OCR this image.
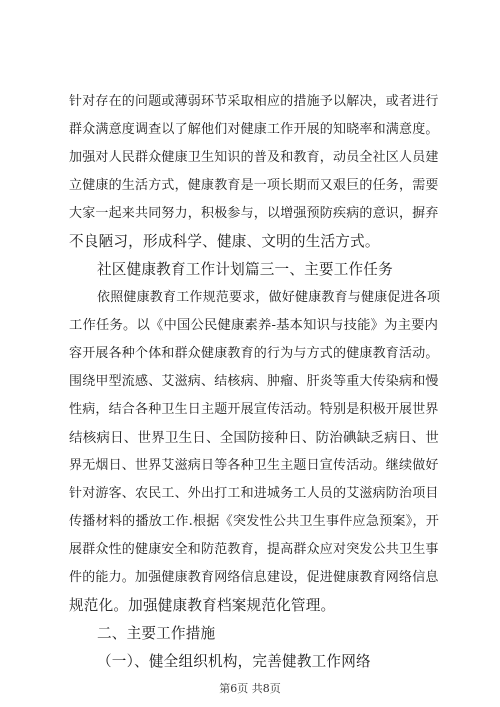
针对存在的问题或薄弱环节采取相应的措施予以解决，或者进行
群众满意度调查以了解他们对健康工作开展的知晓率和满意度。
加强对人民群众健康卫生知识的普及和教育，动员全社区人员建
立健康的生活方式，健康教育是一项长期而又艰巨的任务，需要
大家一起来共同努力，积极参与，以增强预防疾病的意识，摒弃
不良陋习，形成科学、健康、文明的生活方式。
社区健康教育工作计划篇三一、主要工作任务
依照健康教育工作规范要求，做好健康教育与健康促进各项
工作任务。以《中国公民健康素养-基本知识与技能》为主要内
容开展各种个体和群众健康教育的行为与方式的健康教育活动。
围绕甲型流感、艾滋病、结核病、肿瘤、肝炎等重大传染病和慢
性病，结合各种卫生日主题开展宣传活动。特别是积极开展世界
结核病日、世界卫生日、全国防接种日、防治碘缺乏病日、世
界无烟日、世界艾滋病日等各种卫生主题日宣传活动。继续做好
针对游客、农民工、外出打工和进城务工人员的艾滋病防治项目
传播材料的播放工作.根据《突发性公共卫生事件应急预案》，开
展群众性的健康安全和防范教育，提高群众应对突发公共卫生事
件的能力。加强健康教育网络信息建设，促进健康教育网络信息
规范化。加强健康教育档案规范化管理。
二、主要工作措施
（一）、健全组织机构，完善健教工作网络
第6页 共8页
